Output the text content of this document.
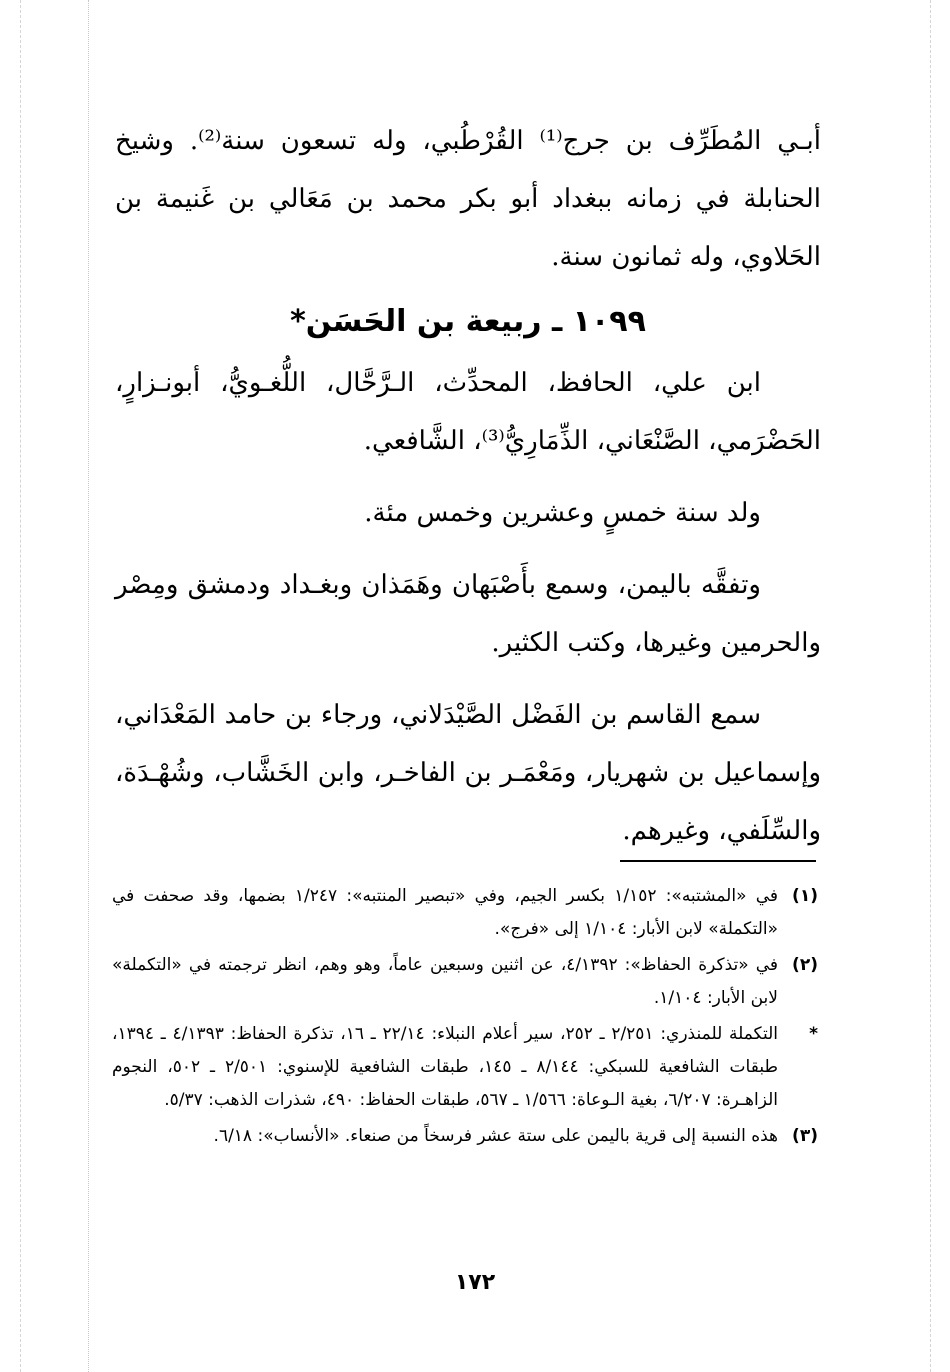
أبـي المُطَرِّف بن جرج⁽¹⁾ القُرْطُبي، وله تسعون سنة⁽²⁾. وشيخ الحنابلة في زمانه ببغداد أبو بكر محمد بن مَعَالي بن غَنيمة بن الحَلاوي، وله ثمانون سنة.

١٠٩٩ ـ ربيعة بن الحَسَن*

ابن علي، الحافظ، المحدِّث، الـرَّحَّال، اللُّغـويُّ، أبونـزارٍ، الحَضْرَمي، الصَّنْعَاني، الذِّمَارِيُّ⁽³⁾، الشَّافعي.

ولد سنة خمسٍ وعشرين وخمس مئة.

وتفقَّه باليمن، وسمع بأَصْبَهان وهَمَذان وبغـداد ودمشق ومِصْر والحرمين وغيرها، وكتب الكثير.

سمع القاسم بن الفَضْل الصَّيْدَلاني، ورجاء بن حامد المَعْدَاني، وإسماعيل بن شهريار، ومَعْمَـر بن الفاخـر، وابن الخَشَّاب، وشُهْـدَة، والسِّلَفي، وغيرهم.

(١)
في «المشتبه»: ١/١٥٢ بكسر الجيم، وفي «تبصير المنتبه»: ١/٢٤٧ بضمها، وقد صحفت في «التكملة» لابن الأبار: ١/١٠٤ إلى «فرج».
(٢)
في «تذكرة الحفاظ»: ٤/١٣٩٢، عن اثنين وسبعين عاماً، وهو وهم، انظر ترجمته في «التكملة» لابن الأبار: ١/١٠٤.
*
التكملة للمنذري: ٢/٢٥١ ـ ٢٥٢، سير أعلام النبلاء: ٢٢/١٤ ـ ١٦، تذكرة الحفاظ: ٤/١٣٩٣ ـ ١٣٩٤، طبقات الشافعية للسبكي: ٨/١٤٤ ـ ١٤٥، طبقات الشافعية للإسنوي: ٢/٥٠١ ـ ٥٠٢، النجوم الزاهـرة: ٦/٢٠٧، بغية الـوعاة: ١/٥٦٦ ـ ٥٦٧، طبقات الحفاظ: ٤٩٠، شذرات الذهب: ٥/٣٧.
(٣)
هذه النسبة إلى قرية باليمن على ستة عشر فرسخاً من صنعاء. «الأنساب»: ٦/١٨.
١٧٢
